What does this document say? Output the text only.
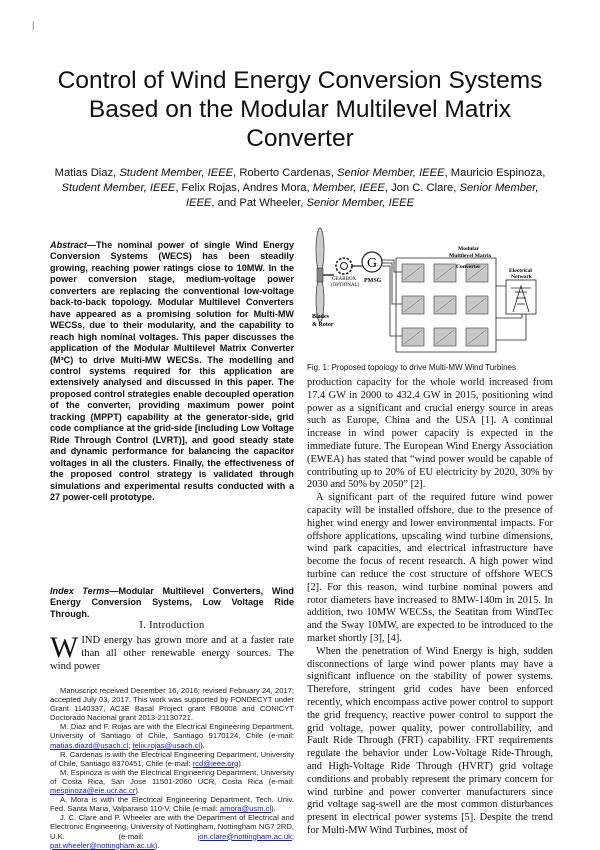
|
Control of Wind Energy Conversion Systems Based on the Modular Multilevel Matrix Converter
Matias Diaz, Student Member, IEEE, Roberto Cardenas, Senior Member, IEEE, Mauricio Espinoza, Student Member, IEEE, Felix Rojas, Andres Mora, Member, IEEE, Jon C. Clare, Senior Member, IEEE, and Pat Wheeler, Senior Member, IEEE
Abstract—The nominal power of single Wind Energy Conversion Systems (WECS) has been steadily growing, reaching power ratings close to 10MW. In the power conversion stage, medium-voltage power converters are replacing the conventional low-voltage back-to-back topology. Modular Multilevel Converters have appeared as a promising solution for Multi-MW WECSs, due to their modularity, and the capability to reach high nominal voltages. This paper discusses the application of the Modular Multilevel Matrix Converter (M³C) to drive Multi-MW WECSs. The modelling and control systems required for this application are extensively analysed and discussed in this paper. The proposed control strategies enable decoupled operation of the converter, providing maximum power point tracking (MPPT) capability at the generator-side, grid code compliance at the grid-side [including Low Voltage Ride Through Control (LVRT)], and good steady state and dynamic performance for balancing the capacitor voltages in all the clusters. Finally, the effectiveness of the proposed control strategy is validated through simulations and experimental results conducted with a 27 power-cell prototype.
Index Terms—Modular Multilevel Converters, Wind Energy Conversion Systems, Low Voltage Ride Through.
I. Introduction
W IND energy has grown more and at a faster rate than all other renewable energy sources. The wind power

Manuscript received December 16, 2016; revised February 24, 2017; accepted July 03, 2017. This work was supported by FONDECYT under Grant 1140337, AC3E Basal Project grant FB0008 and CONICYT Doctorado Nacional grant 2013-21130721.

M. Diaz and F. Rojas are with the Electrical Engineering Department, University of Santiago of Chile, Santiago 9170124, Chile (e-mail: matias.diazd@usach.cl; felix.rojas@usach.cl).

R. Cardenas is with the Electrical Engineering Department, University of Chile, Santiago 8370451, Chile (e-mail: rcd@ieee.org).

M. Espinoza is with the Electrical Engineering Department, University of Costa Rica, San Jose 11501-2060 UCR, Costa Rica (e-mail: mespinoza@eie.ucr.ac.cr).

A. Mora is with the Electrical Engineering Department, Tech. Univ. Fed. Santa Maria, Valparaiso 110-V, Chile (e-mail: amora@usm.cl).

J. C. Clare and P. Wheeler are with the Department of Electrical and Electronic Engineering, University of Nottingham, Nottingham NG7 2RD, U.K. (e-mail: jon.clare@nottingham.ac.uk; pat.wheeler@nottingham.ac.uk).

GEARBOX
(OPTIONAL)
G
PMSG
Blades
& Rotor
Modular
Multilevel Matrix
Converter
Electrical
Network
Fig. 1: Proposed topology to drive Multi-MW Wind Turbines

production capacity for the whole world increased from 17.4 GW in 2000 to 432.4 GW in 2015, positioning wind power as a significant and crucial energy source in areas such as Europe, China and the USA [1]. A continual increase in wind power capacity is expected in the immediate future. The European Wind Energy Association (EWEA) has stated that “wind power would be capable of contributing up to 20% of EU electricity by 2020, 30% by 2030 and 50% by 2050” [2].

A significant part of the required future wind power capacity will be installed offshore, due to the presence of higher wind energy and lower environmental impacts. For offshore applications, upscaling wind turbine dimensions, wind park capacities, and electrical infrastructure have become the focus of recent research. A high power wind turbine can reduce the cost structure of offshore WECS [2]. For this reason, wind turbine nominal powers and rotor diameters have increased to 8MW-140m in 2015. In addition, two 10MW WECSs, the Seatitan from WindTec and the Sway 10MW, are expected to be introduced to the market shortly [3], [4].

When the penetration of Wind Energy is high, sudden disconnections of large wind power plants may have a significant influence on the stability of power systems. Therefore, stringent grid codes have been enforced recently, which encompass active power control to support the grid frequency, reactive power control to support the grid voltage, power quality, power controllability, and Fault Ride Through (FRT) capability. FRT requirements regulate the behavior under Low-Voltage Ride-Through, and High-Voltage Ride Through (HVRT) grid voltage conditions and probably represent the primary concern for wind turbine and power converter manufacturers since grid voltage sag-swell are the most common disturbances present in electrical power systems [5]. Despite the trend for Multi-MW Wind Turbines, most of
